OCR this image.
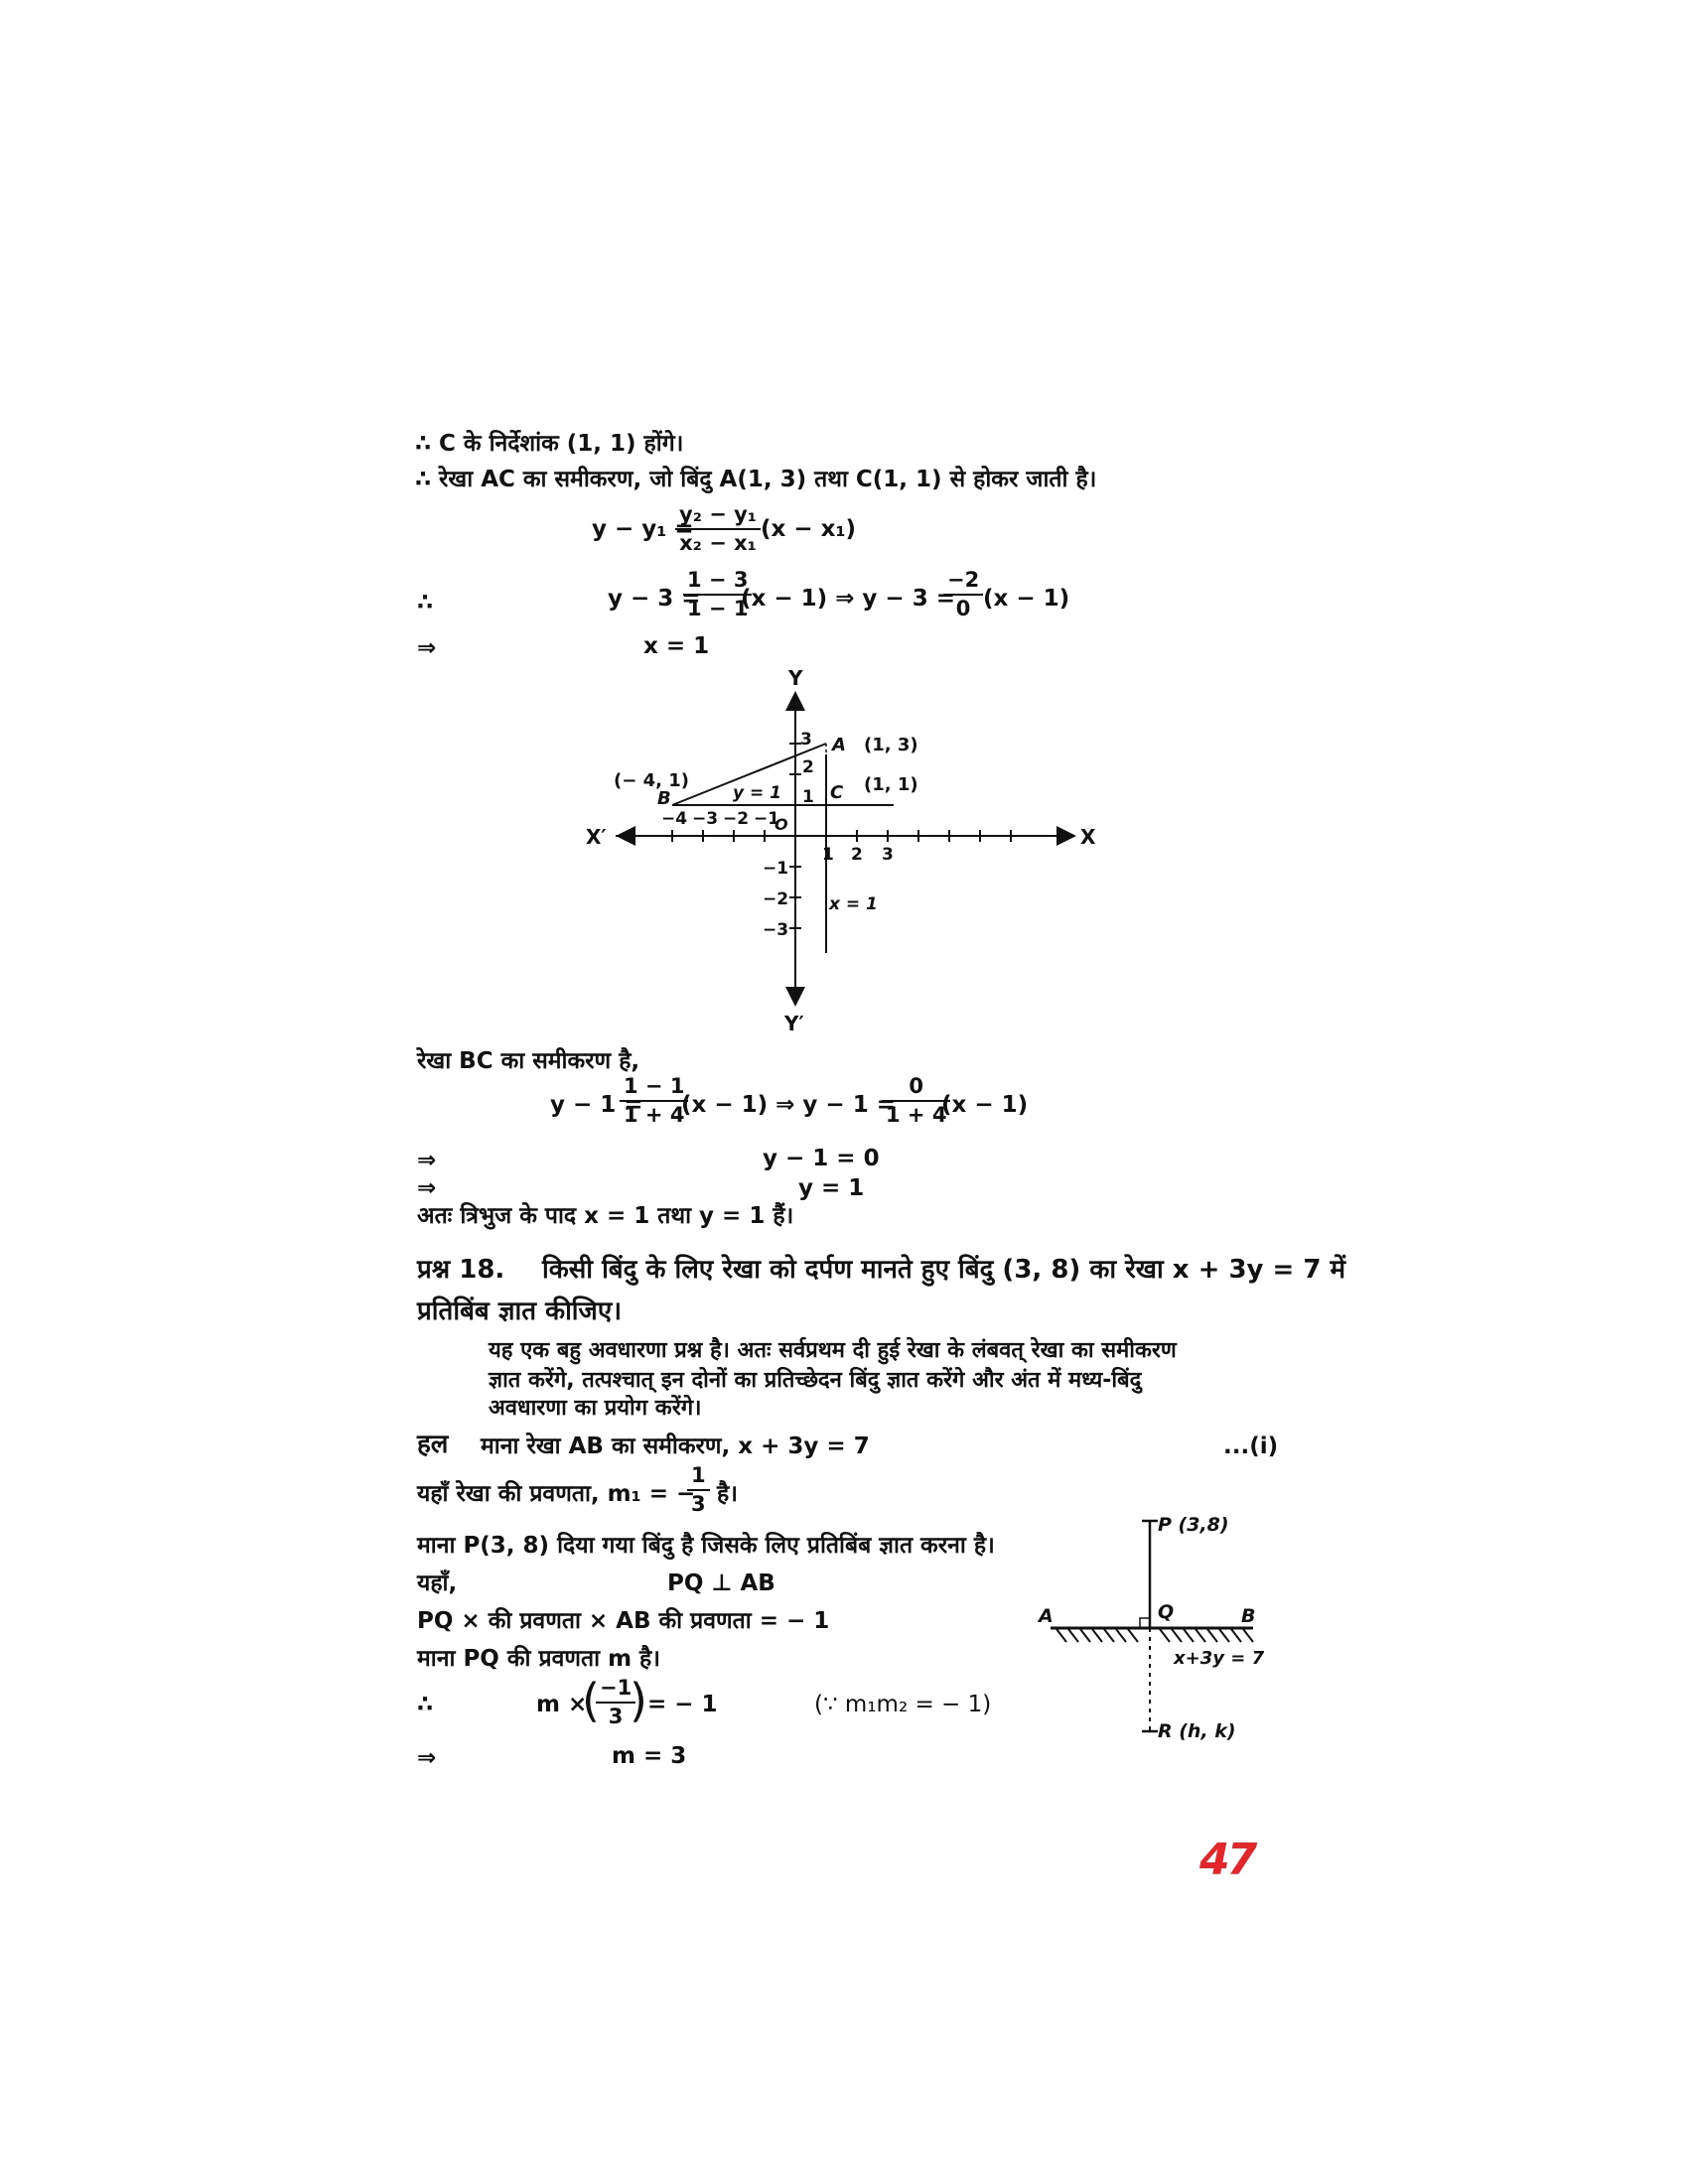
∴ C के निर्देशांक (1, 1) होंगे।
∴ रेखा AC का समीकरण, जो बिंदु A(1, 3) तथा C(1, 1) से होकर जाती है।
y − y₁ =
$\frac{\text{y₂ − y₁}}{\text{x₂ − x₁}} (x - x_1)$
∴	y − 3 =
$\frac{1 - 3}{1 - 1}$
(x − 1) ⇒ y − 3 =
$\frac{-2}{0} (x - 1)$
⇒	x = 1
Y
Y′
X
X′
A (1, 3)
C (1, 1)
B
(− 4, 1)
y = 1
x = 1
O
−4 −3 −2 −1
1 2 3
1
2
3
−1
−2
−3
रेखा BC का समीकरण है,
y − 1 =
$\frac{1 - 1}{1 + 4}$
(x − 1) ⇒ y − 1 =
$\frac{0}{1 + 4}$
(x − 1)
⇒	y − 1 = 0
⇒	y = 1
अतः त्रिभुज के पाद x = 1 तथा y = 1 हैं।
प्रश्न 18. किसी बिंदु के लिए रेखा को दर्पण मानते हुए बिंदु (3, 8) का रेखा x + 3y = 7 में
प्रतिबिंब ज्ञात कीजिए।
यह एक बहु अवधारणा प्रश्न है। अतः सर्वप्रथम दी हुई रेखा के लंबवत् रेखा का समीकरण
ज्ञात करेंगे, तत्पश्चात् इन दोनों का प्रतिच्छेदन बिंदु ज्ञात करेंगे और अंत में मध्य-बिंदु
अवधारणा का प्रयोग करेंगे।
हल माना रेखा AB का समीकरण, x + 3y = 7	...(i)
यहाँ रेखा की प्रवणता, m₁ = −
$\frac{1}{3}$ है।
माना P(3, 8) दिया गया बिंदु है जिसके लिए प्रतिबिंब ज्ञात करना है।
यहाँ,	PQ ⊥ AB
PQ × की प्रवणता × AB की प्रवणता = − 1
माना PQ की प्रवणता m है।
∴	m ×
(
$\frac{-1}{3}$
) = − 1	(∵ m₁m₂ = − 1)
⇒	m = 3
P (3,8)
Q
A	B
x+3y = 7
R (h, k)
47
